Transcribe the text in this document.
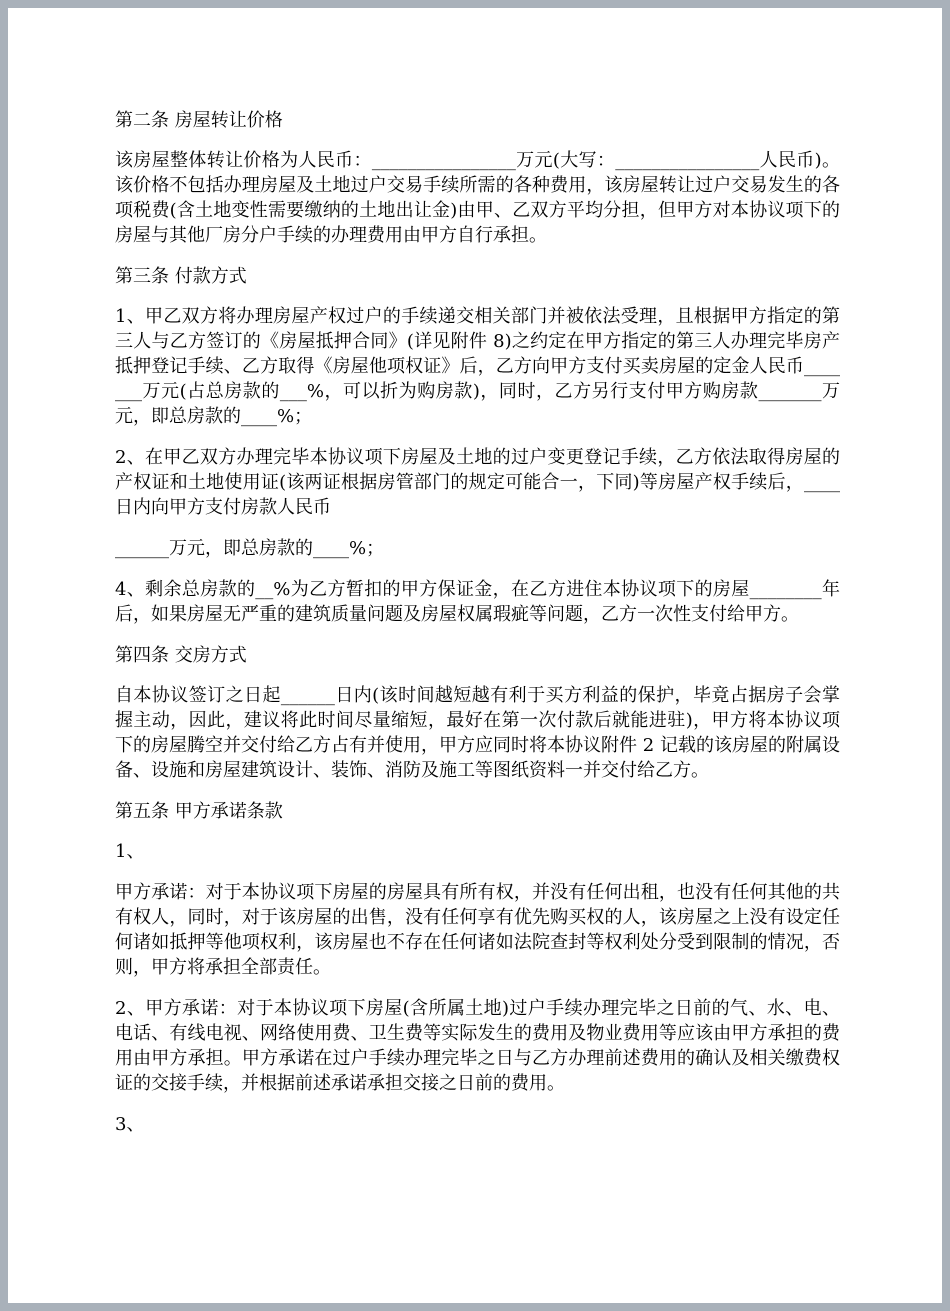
第二条 房屋转让价格

该房屋整体转让价格为人民币：________________万元(大写：________________人民币)。该价格不包括办理房屋及土地过户交易手续所需的各种费用，该房屋转让过户交易发生的各项税费(含土地变性需要缴纳的土地出让金)由甲、乙双方平均分担，但甲方对本协议项下的房屋与其他厂房分户手续的办理费用由甲方自行承担。

第三条 付款方式

1、甲乙双方将办理房屋产权过户的手续递交相关部门并被依法受理，且根据甲方指定的第三人与乙方签订的《房屋抵押合同》(详见附件 8)之约定在甲方指定的第三人办理完毕房产抵押登记手续、乙方取得《房屋他项权证》后，乙方向甲方支付买卖房屋的定金人民币_______万元(占总房款的___%，可以折为购房款)，同时，乙方另行支付甲方购房款_______万元，即总房款的____%；

2、在甲乙双方办理完毕本协议项下房屋及土地的过户变更登记手续，乙方依法取得房屋的产权证和土地使用证(该两证根据房管部门的规定可能合一，下同)等房屋产权手续后，____日内向甲方支付房款人民币

______万元，即总房款的____%；

4、剩余总房款的__%为乙方暂扣的甲方保证金，在乙方进住本协议项下的房屋________年后，如果房屋无严重的建筑质量问题及房屋权属瑕疵等问题，乙方一次性支付给甲方。

第四条 交房方式

自本协议签订之日起______日内(该时间越短越有利于买方利益的保护，毕竟占据房子会掌握主动，因此，建议将此时间尽量缩短，最好在第一次付款后就能进驻)，甲方将本协议项下的房屋腾空并交付给乙方占有并使用，甲方应同时将本协议附件 2 记载的该房屋的附属设备、设施和房屋建筑设计、装饰、消防及施工等图纸资料一并交付给乙方。

第五条 甲方承诺条款

1、

甲方承诺：对于本协议项下房屋的房屋具有所有权，并没有任何出租，也没有任何其他的共有权人，同时，对于该房屋的出售，没有任何享有优先购买权的人，该房屋之上没有设定任何诸如抵押等他项权利，该房屋也不存在任何诸如法院查封等权利处分受到限制的情况，否则，甲方将承担全部责任。

2、甲方承诺：对于本协议项下房屋(含所属土地)过户手续办理完毕之日前的气、水、电、电话、有线电视、网络使用费、卫生费等实际发生的费用及物业费用等应该由甲方承担的费用由甲方承担。甲方承诺在过户手续办理完毕之日与乙方办理前述费用的确认及相关缴费权证的交接手续，并根据前述承诺承担交接之日前的费用。

3、
